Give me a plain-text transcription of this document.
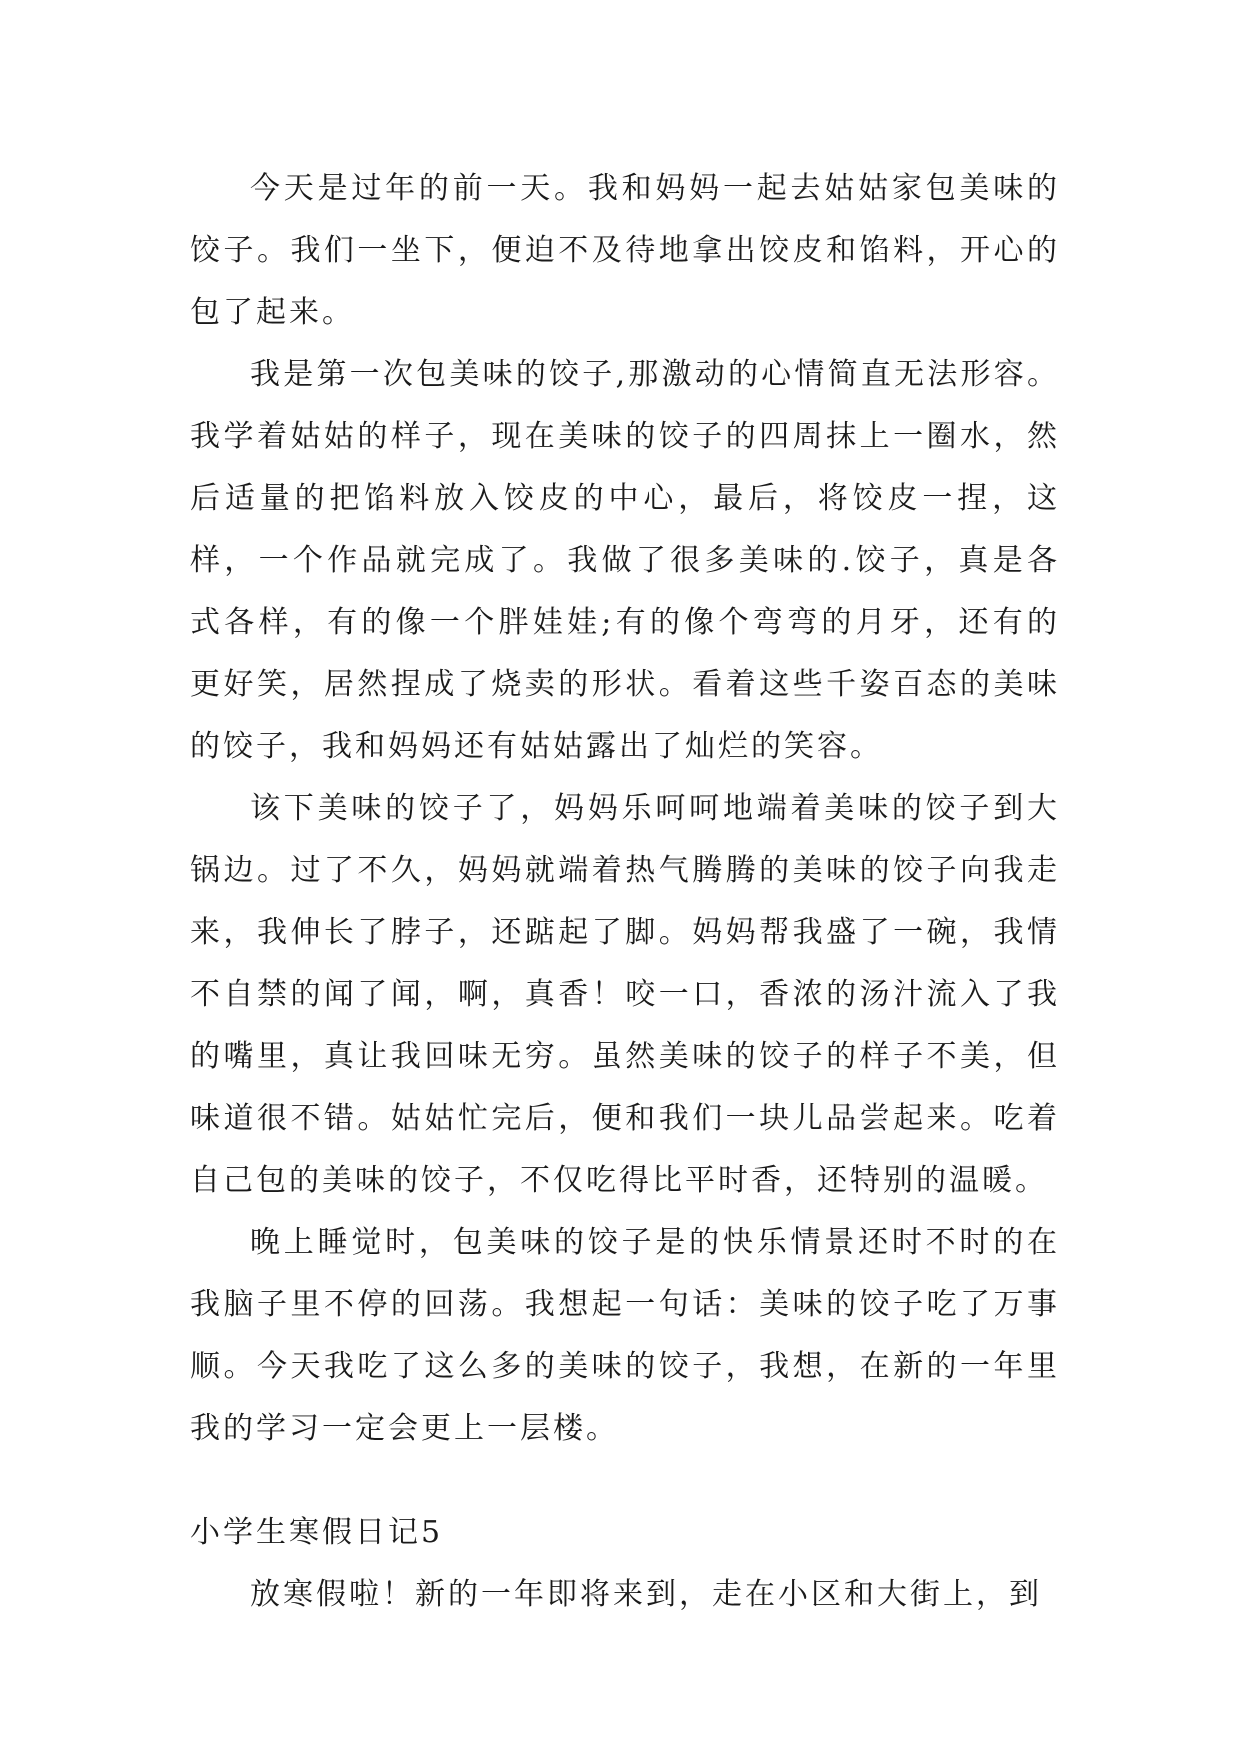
今天是过年的前一天。我和妈妈一起去姑姑家包美味的饺子。我们一坐下，便迫不及待地拿出饺皮和馅料，开心的包了起来。

我是第一次包美味的饺子,那激动的心情简直无法形容。我学着姑姑的样子，现在美味的饺子的四周抹上一圈水，然后适量的把馅料放入饺皮的中心，最后，将饺皮一捏，这样，一个作品就完成了。我做了很多美味的.饺子，真是各式各样，有的像一个胖娃娃;有的像个弯弯的月牙，还有的更好笑，居然捏成了烧卖的形状。看着这些千姿百态的美味的饺子，我和妈妈还有姑姑露出了灿烂的笑容。

该下美味的饺子了，妈妈乐呵呵地端着美味的饺子到大锅边。过了不久，妈妈就端着热气腾腾的美味的饺子向我走来，我伸长了脖子，还踮起了脚。妈妈帮我盛了一碗，我情不自禁的闻了闻，啊，真香！咬一口，香浓的汤汁流入了我的嘴里，真让我回味无穷。虽然美味的饺子的样子不美，但味道很不错。姑姑忙完后，便和我们一块儿品尝起来。吃着自己包的美味的饺子，不仅吃得比平时香，还特别的温暖。

晚上睡觉时，包美味的饺子是的快乐情景还时不时的在我脑子里不停的回荡。我想起一句话：美味的饺子吃了万事顺。今天我吃了这么多的美味的饺子，我想，在新的一年里我的学习一定会更上一层楼。

小学生寒假日记5

放寒假啦！新的一年即将来到，走在小区和大街上，到
